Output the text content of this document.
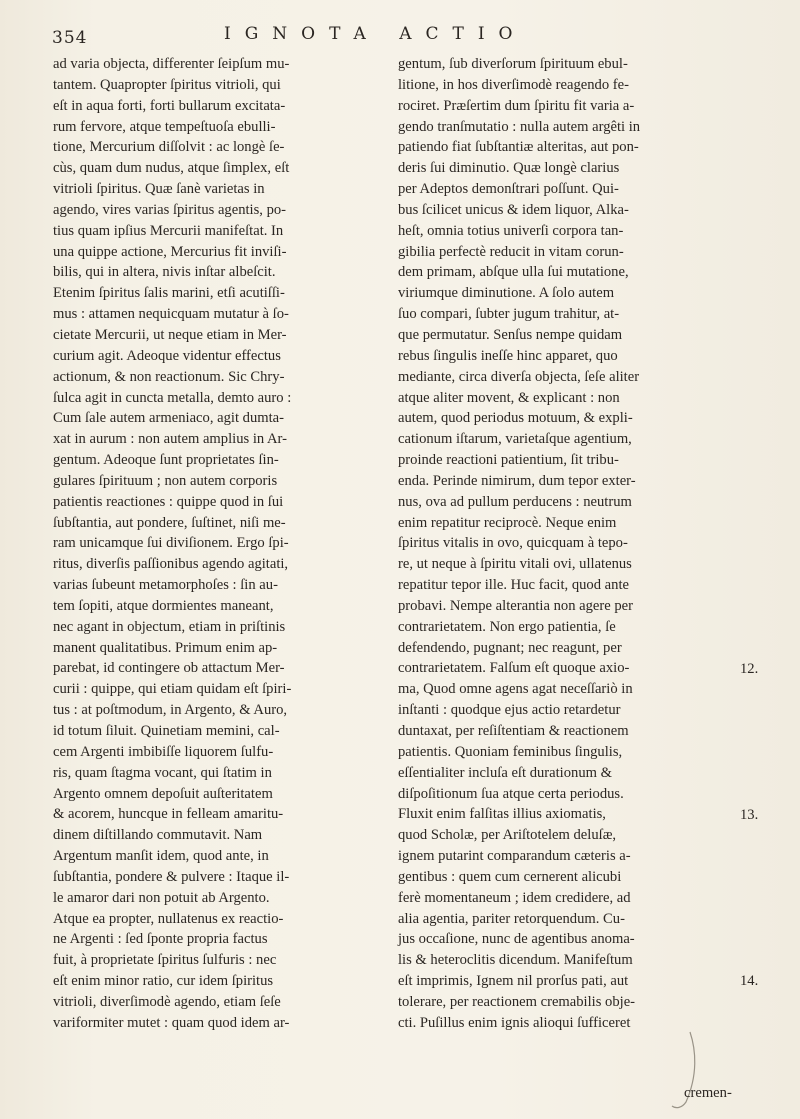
354	IGNOTA ACTIO
ad varia objecta, differenter ſeipſum mu-
tantem. Quapropter ſpiritus vitrioli, qui
eſt in aqua forti, forti bullarum excitata-
rum fervore, atque tempeſtuoſa ebulli-
tione, Mercurium diſſolvit : ac longè ſe-
cùs, quam dum nudus, atque ſimplex, eſt
vitrioli ſpiritus. Quæ ſanè varietas in
agendo, vires varias ſpiritus agentis, po-
tius quam ipſius Mercurii manifeſtat. In
una quippe actione, Mercurius fit inviſi-
bilis, qui in altera, nivis inſtar albeſcit.
Etenim ſpiritus ſalis marini, etſi acutiſſi-
mus : attamen nequicquam mutatur à ſo-
cietate Mercurii, ut neque etiam in Mer-
curium agit. Adeoque videntur effectus
actionum, & non reactionum. Sic Chry-
ſulca agit in cuncta metalla, demto auro :
Cum ſale autem armeniaco, agit dumta-
xat in aurum : non autem amplius in Ar-
gentum. Adeoque ſunt proprietates ſin-
gulares ſpirituum ; non autem corporis
patientis reactiones : quippe quod in ſui
ſubſtantia, aut pondere, ſuſtinet, niſi me-
ram unicamque ſui diviſionem. Ergo ſpi-
ritus, diverſis paſſionibus agendo agitati,
varias ſubeunt metamorphoſes : ſin au-
tem ſopiti, atque dormientes maneant,
nec agant in objectum, etiam in priſtinis
manent qualitatibus. Primum enim ap-
parebat, id contingere ob attactum Mer-
curii : quippe, qui etiam quidam eſt ſpiri-
tus : at poſtmodum, in Argento, & Auro,
id totum ſiluit. Quinetiam memini, cal-
cem Argenti imbibiſſe liquorem ſulfu-
ris, quam ſtagma vocant, qui ſtatim in
Argento omnem depoſuit auſteritatem
& acorem, huncque in felleam amaritu-
dinem diſtillando commutavit. Nam
Argentum manſit idem, quod ante, in
ſubſtantia, pondere & pulvere : Itaque il-
le amaror dari non potuit ab Argento.
Atque ea propter, nullatenus ex reactio-
ne Argenti : ſed ſponte propria factus
fuit, à proprietate ſpiritus ſulfuris : nec
eſt enim minor ratio, cur idem ſpiritus
vitrioli, diverſimodè agendo, etiam ſeſe
variformiter mutet : quam quod idem ar-
gentum, ſub diverſorum ſpirituum ebul-
litione, in hos diverſimodè reagendo fe-
rociret. Præſertim dum ſpiritu fit varia a-
gendo tranſmutatio : nulla autem argêti in
patiendo fiat ſubſtantiæ alteritas, aut pon-
deris ſui diminutio. Quæ longè clarius
per Adeptos demonſtrari poſſunt. Qui-
bus ſcilicet unicus & idem liquor, Alka-
heſt, omnia totius univerſi corpora tan-
gibilia perfectè reducit in vitam corun-
dem primam, abſque ulla ſui mutatione,
viriumque diminutione. A ſolo autem
ſuo compari, ſubter jugum trahitur, at-
que permutatur. Senſus nempe quidam
rebus ſingulis ineſſe hinc apparet, quo
mediante, circa diverſa objecta, ſeſe aliter
atque aliter movent, & explicant : non
autem, quod periodus motuum, & expli-
cationum iſtarum, varietaſque agentium,
proinde reactioni patientium, ſit tribu-
enda. Perinde nimirum, dum tepor exter-
nus, ova ad pullum perducens : neutrum
enim repatitur reciprocè. Neque enim
ſpiritus vitalis in ovo, quicquam à tepo-
re, ut neque à ſpiritu vitali ovi, ullatenus
repatitur tepor ille. Huc facit, quod ante
probavi. Nempe alterantia non agere per
contrarietatem. Non ergo patientia, ſe
defendendo, pugnant; nec reagunt, per
contrarietatem. Falſum eſt quoque axio-
ma, Quod omne agens agat neceſſariò in
inſtanti : quodque ejus actio retardetur
duntaxat, per reſiſtentiam & reactionem
patientis. Quoniam feminibus ſingulis,
eſſentialiter incluſa eſt durationum &
diſpoſitionum ſua atque certa periodus.
Fluxit enim falſitas illius axiomatis,
quod Scholæ, per Ariſtotelem deluſæ,
ignem putarint comparandum cæteris a-
gentibus : quem cum cernerent alicubi
ferè momentaneum ; idem credidere, ad
alia agentia, pariter retorquendum. Cu-
jus occaſione, nunc de agentibus anoma-
lis & heteroclitis dicendum. Manifeſtum
eſt imprimis, Ignem nil prorſus pati, aut
tolerare, per reactionem cremabilis obje-
cti. Puſillus enim ignis alioqui ſufficeret
12.
13.
14.
cremen-
